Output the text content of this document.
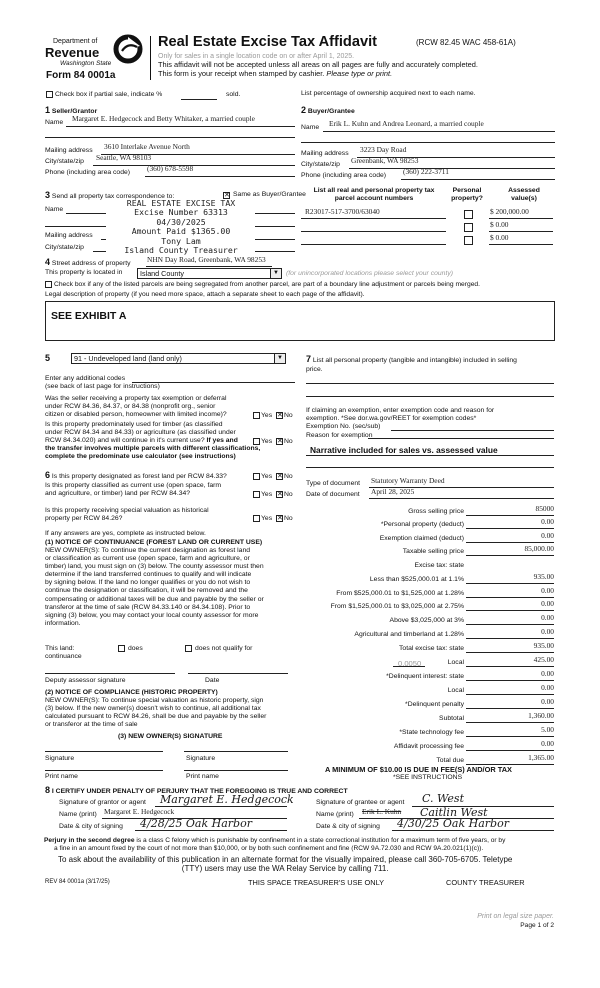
Department of
Revenue
Washington State
Form 84 0001a
Real Estate Excise Tax Affidavit	(RCW 82.45 WAC 458-61A)
Only for sales in a single location code on or after April 1, 2025.
This affidavit will not be accepted unless all areas on all pages are fully and accurately completed.
This form is your receipt when stamped by cashier. Please type or print.
Check box if partial sale, indicate %	sold.	List percentage of ownership acquired next to each name.
1 Seller/Grantor
Name Margaret E. Hedgecock and Betty Whitaker, a married couple
Mailing address 3610 Interlake Avenue North
City/state/zip Seattle, WA 98103
Phone (including area code) (360) 678-5598
2 Buyer/Grantee
Name Erik L. Kuhn and Andrea Leonard, a married couple
Mailing address 3223 Day Road
City/state/zip Greenbank, WA 98253
Phone (including area code) (360) 222-3711
3 Send all property tax correspondence to:	✕ Same as Buyer/Grantee
Name
Mailing address
City/state/zip
REAL ESTATE EXCISE TAX
Excise Number 63313
04/30/2025
Amount Paid $1365.00
Tony Lam
Island County Treasurer
List all real and personal property tax
parcel account numbers
Personal
property?
Assessed
value(s)
R23017-517-3700/63040	$ 200,000.00
$ 0.00
$ 0.00
4 Street address of property NHN Day Road, Greenbank, WA 98253
This property is located in	Island County	▼ (for unincorporated locations please select your county)
Check box if any of the listed parcels are being segregated from another parcel, are part of a boundary line adjustment or parcels being merged.
Legal description of property (if you need more space, attach a separate sheet to each page of the affidavit).
SEE EXHIBIT A
5	91 - Undeveloped land (land only)	▼
Enter any additional codes
(see back of last page for instructions)
Was the seller receiving a property tax exemption or deferral
under RCW 84.36, 84.37, or 84.38 (nonprofit org., senior
citizen or disabled person, homeowner with limited income)?	Yes ✕ No
Is this property predominately used for timber (as classified
under RCW 84.34 and 84.33) or agriculture (as classified under
RCW 84.34.020) and will continue in it's current use? If yes and
the transfer involves multiple parcels with different classifications,
complete the predominate use calculator (see instructions)
Yes ✕ No
6 Is this property designated as forest land per RCW 84.33?	Yes ✕ No
Is this property classified as current use (open space, farm
and agriculture, or timber) land per RCW 84.34?	Yes ✕ No
Is this property receiving special valuation as historical
property per RCW 84.26?	Yes ✕ No
If any answers are yes, complete as instructed below.
(1) NOTICE OF CONTINUANCE (FOREST LAND OR CURRENT USE)
NEW OWNER(S): To continue the current designation as forest land
or classification as current use (open space, farm and agriculture, or
timber) land, you must sign on (3) below. The county assessor must then
determine if the land transferred continues to qualify and will indicate
by signing below. If the land no longer qualifies or you do not wish to
continue the designation or classification, it will be removed and the
compensating or additional taxes will be due and payable by the seller or
transferor at the time of sale (RCW 84.33.140 or 84.34.108). Prior to
signing (3) below, you may contact your local county assessor for more
information.
This land:	does	does not qualify for
continuance
Deputy assessor signature	Date
(2) NOTICE OF COMPLIANCE (HISTORIC PROPERTY)
NEW OWNER(S): To continue special valuation as historic property, sign
(3) below. If the new owner(s) doesn't wish to continue, all additional tax
calculated pursuant to RCW 84.26, shall be due and payable by the seller
or transferor at the time of sale
(3) NEW OWNER(S) SIGNATURE
Signature	Signature
Print name	Print name
7 List all personal property (tangible and intangible) included in selling
price.
If claiming an exemption, enter exemption code and reason for
exemption. *See dor.wa.gov/REET for exemption codes*
Exemption No. (sec/sub)
Reason for exemption
Narrative included for sales vs. assessed value
Type of document Statutory Warranty Deed
Date of document April 28, 2025
Gross selling price	85000
*Personal property (deduct)	0.00
Exemption claimed (deduct)	0.00
Taxable selling price	85,000.00
Excise tax: state
Less than $525,000.01 at 1.1%	935.00
From $525,000.01 to $1,525,000 at 1.28%	0.00
From $1,525,000.01 to $3,025,000 at 2.75%	0.00
Above $3,025,000 at 3%	0.00
Agricultural and timberland at 1.28%	0.00
Total excise tax: state	935.00
0.0050	Local	425.00
*Delinquent interest: state	0.00
Local	0.00
*Delinquent penalty	0.00
Subtotal	1,360.00
*State technology fee	5.00
Affidavit processing fee	0.00
Total due	1,365.00
A MINIMUM OF $10.00 IS DUE IN FEE(S) AND/OR TAX
*SEE INSTRUCTIONS
8 I CERTIFY UNDER PENALTY OF PERJURY THAT THE FOREGOING IS TRUE AND CORRECT
Signature of grantor or agent Margaret E. Hedgecock
Name (print) Margaret E. Hedgecock
Date & city of signing 4/28/25 Oak Harbor
Signature of grantee or agent C. West
Name (print) Erik L. Kuhn Caitlin West
Date & city of signing 4/30/25 Oak Harbor
Perjury in the second degree is a class C felony which is punishable by confinement in a state correctional institution for a maximum term of five years, or by
a fine in an amount fixed by the court of not more than $10,000, or by both such confinement and fine (RCW 9A.72.030 and RCW 9A.20.021(1)(c)).
To ask about the availability of this publication in an alternate format for the visually impaired, please call 360-705-6705. Teletype
(TTY) users may use the WA Relay Service by calling 711.
REV 84 0001a (3/17/25)	THIS SPACE TREASURER'S USE ONLY	COUNTY TREASURER
Print on legal size paper.
Page 1 of 2
